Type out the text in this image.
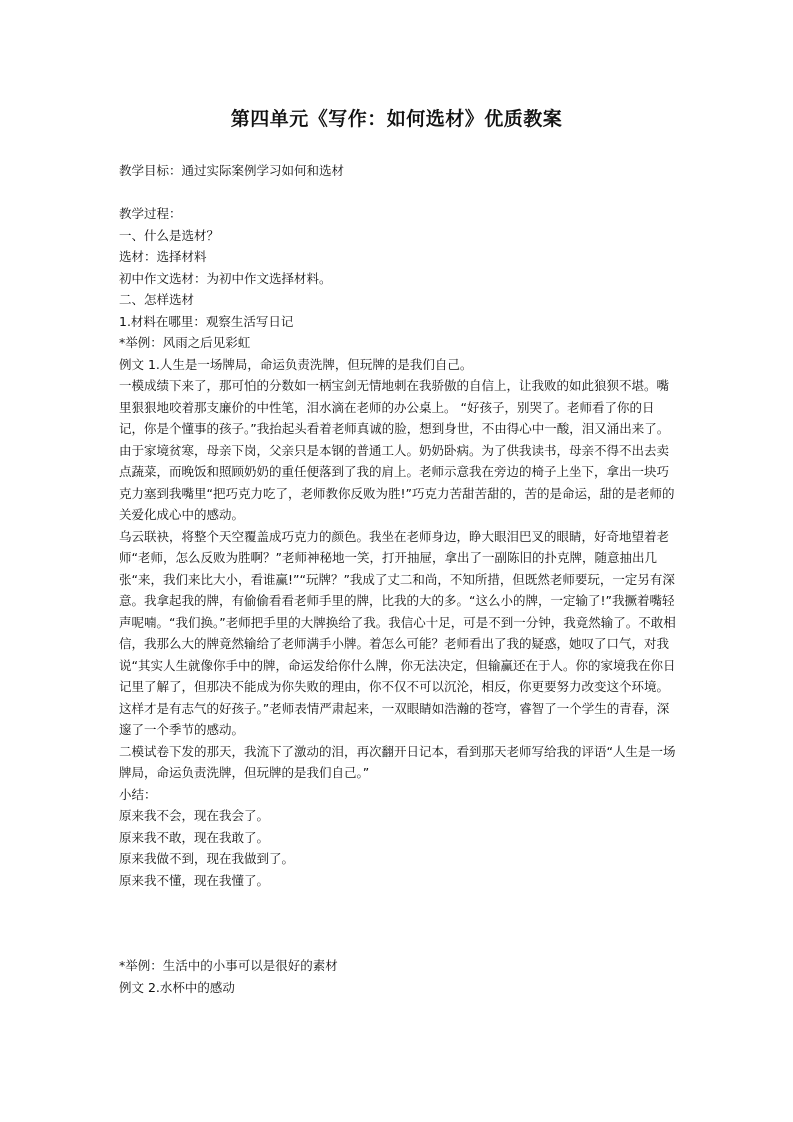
第四单元《写作：如何选材》优质教案

教学目标：通过实际案例学习如何和选材

教学过程：

一、什么是选材？

选材：选择材料

初中作文选材：为初中作文选择材料。

二、怎样选材

1.材料在哪里：观察生活写日记

*举例：风雨之后见彩虹

例文 1.人生是一场牌局，命运负责洗牌，但玩牌的是我们自己。

一模成绩下来了，那可怕的分数如一柄宝剑无情地刺在我骄傲的自信上，让我败的如此狼狈不堪。嘴里狠狠地咬着那支廉价的中性笔，泪水滴在老师的办公桌上。 “好孩子，别哭了。老师看了你的日记，你是个懂事的孩子。”我抬起头看着老师真诚的脸，想到身世，不由得心中一酸，泪又涌出来了。由于家境贫寒，母亲下岗，父亲只是本钢的普通工人。奶奶卧病。为了供我读书，母亲不得不出去卖点蔬菜，而晚饭和照顾奶奶的重任便落到了我的肩上。老师示意我在旁边的椅子上坐下，拿出一块巧克力塞到我嘴里“把巧克力吃了，老师教你反败为胜!”巧克力苦甜苦甜的，苦的是命运，甜的是老师的关爱化成心中的感动。

乌云联袂，将整个天空覆盖成巧克力的颜色。我坐在老师身边，睁大眼泪巴叉的眼睛，好奇地望着老师“老师，怎么反败为胜啊？”老师神秘地一笑，打开抽屉，拿出了一副陈旧的扑克牌，随意抽出几张“来，我们来比大小，看谁赢!”“玩牌？”我成了丈二和尚，不知所措，但既然老师要玩，一定另有深意。我拿起我的牌，有偷偷看看老师手里的牌，比我的大的多。“这么小的牌，一定输了!”我撅着嘴轻声呢喃。“我们换。”老师把手里的大牌换给了我。我信心十足，可是不到一分钟，我竟然输了。不敢相信，我那么大的牌竟然输给了老师满手小牌。着怎么可能？老师看出了我的疑惑，她叹了口气，对我说“其实人生就像你手中的牌，命运发给你什么牌，你无法决定，但输赢还在于人。你的家境我在你日记里了解了，但那决不能成为你失败的理由，你不仅不可以沉沦，相反，你更要努力改变这个环境。这样才是有志气的好孩子。”老师表情严肃起来，一双眼睛如浩瀚的苍穹，睿智了一个学生的青春，深邃了一个季节的感动。

二模试卷下发的那天，我流下了激动的泪，再次翻开日记本，看到那天老师写给我的评语“人生是一场牌局，命运负责洗牌，但玩牌的是我们自己。”

小结：

原来我不会，现在我会了。

原来我不敢，现在我敢了。

原来我做不到，现在我做到了。

原来我不懂，现在我懂了。

*举例：生活中的小事可以是很好的素材

例文 2.水杯中的感动
